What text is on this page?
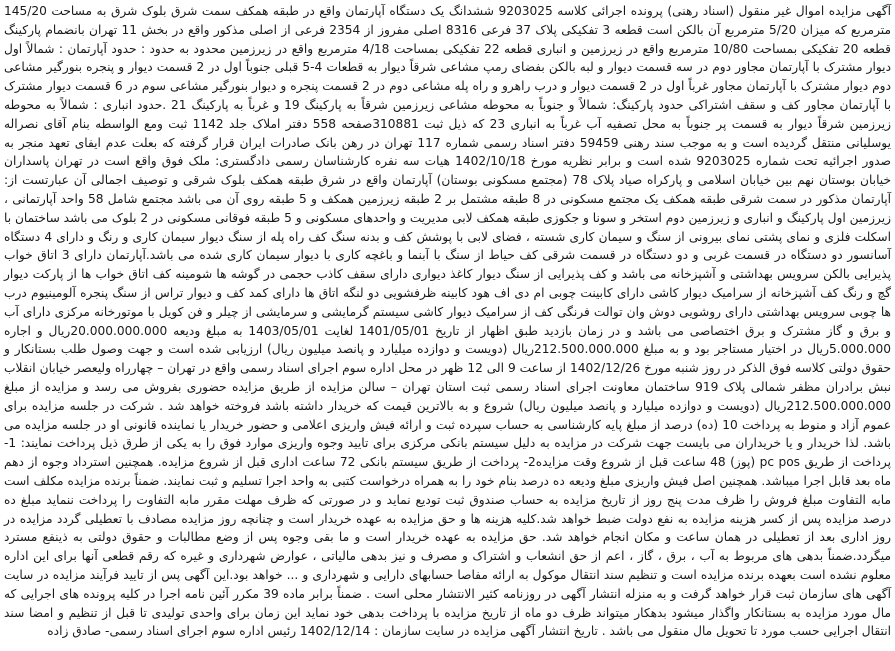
آگهی مزایده اموال غیر منقول (اسناد رهنی) پرونده اجرائی کلاسه 9203025 ششدانگ یک دستگاه آپارتمان واقع در طبقه همکف سمت شرق بلوک شرق به مساحت 145/20 مترمربع که میزان 5/20 مترمربع آن بالکن است قطعه 3 تفکیکی پلاک 37 فرعی 8316 اصلی مفروز از 2354 فرعی از اصلی مذکور واقع در بخش 11 تهران بانضمام پارکینگ قطعه 20 تفکیکی بمساحت 10/80 مترمربع واقع در زیرزمین و انباری قطعه 22 تفکیکی بمساحت 4/18 مترمربع واقع در زیرزمین محدود به حدود : حدود آپارتمان : شمالاً اول دیوار مشترک با آپارتمان مجاور دوم در سه قسمت دیوار و لبه بالکن بفضای رمپ مشاعی شرقاً دیوار به قطعات 4-5 قبلی جنوباً اول در 2 قسمت دیوار و پنجره بنورگیر مشاعی دوم دیوار مشترک با آپارتمان مجاور غرباً اول در 2 قسمت دیوار و درب راهرو و راه پله مشاعی دوم در 2 قسمت پنجره و دیوار بنورگیر مشاعی سوم در 6 قسمت دیوار مشترک با آپارتمان مجاور کف و سقف اشتراکی حدود پارکینگ: شمالاً و جنوباً به محوطه مشاعی زیرزمین شرقاً به پارکینگ 19 و غرباً به پارکینگ 21 .حدود انباری : شمالاً به محوطه زیرزمین شرقاً دیوار به قسمت پر جنوباً به محل تصفیه آب غرباً به انباری 23 که ذیل ثبت 310881صفحه 558 دفتر املاک جلد 1142 ثبت ومع الواسطه بنام آقای نصراله یوسلیانی منتقل گردیده است و به موجب سند رهنی 59459 دفتر اسناد رسمی شماره 117 تهران در رهن بانک صادرات ایران قرار گرفته که بعلت عدم ایفای تعهد منجر به صدور اجرائیه تحت شماره 9203025 شده است و برابر نظریه مورخ 1402/10/18 هیات سه نفره کارشناسان رسمی دادگستری: ملک فوق واقع است در تهران پاسداران خیابان بوستان نهم بین خیابان اسلامی و پارکراه صیاد پلاک 78 (مجتمع مسکونی بوستان) آپارتمان واقع در شرق طبقه همکف بلوک شرقی و توصیف اجمالی آن عبارتست از: آپارتمان مذکور در سمت شرقی طبقه همکف یک مجتمع مسکونی در 8 طبقه مشتمل بر 2 طبقه زیرزمین همکف و 5 طبقه روی آن می باشد مجتمع شامل 58 واحد آپارتمانی ، زیرزمین اول پارکینگ و انباری و زیرزمین دوم استخر و سونا و جکوزی طبقه همکف لابی مدیریت و واحدهای مسکونی و 5 طبقه فوقانی مسکونی در 2 بلوک می باشد ساختمان با اسکلت فلزی و نمای پشتی نمای بیرونی از سنگ و سیمان کاری شسته ، فضای لابی با پوشش کف و بدنه سنگ کف راه پله از سنگ دیوار سیمان کاری و رنگ و دارای 4 دستگاه آسانسور دو دستگاه در قسمت غربی و دو دستگاه در قسمت شرقی کف حیاط از سنگ با آبنما و باغچه کاری با دیوار سیمان کاری شده می باشد.آپارتمان دارای 3 اتاق خواب پذیرایی بالکن سرویس بهداشتی و آشپزخانه می باشد و کف پذیرایی از سنگ دیوار کاغذ دیواری دارای سقف کاذب حجمی در گوشه ها شومینه کف اتاق خواب ها از پارکت دیوار گچ و رنگ کف آشپزخانه از سرامیک دیوار کاشی دارای کابینت چوبی ام دی اف هود کابینه ظرفشویی دو لنگه اتاق ها دارای کمد کف و دیوار تراس از سنگ پنجره آلومینیوم درب ها چوبی سرویس بهداشتی دارای روشویی دوش وان توالت فرنگی کف از سرامیک دیوار کاشی سیستم گرمایشی و سرمایشی از چیلر و فن کویل با موتورخانه مرکزی دارای آب و برق و گاز مشترک و برق اختصاصی می باشد و در زمان بازدید طبق اظهار از تاریخ 1401/05/01 لغایت 1403/05/01 به مبلغ ودیعه 20.000.000.000ریال و اجاره 5.000.000ریال در اختیار مستاجر بود و به مبلغ 212.500.000.000ریال (دویست و دوازده میلیارد و پانصد میلیون ریال) ارزیابی شده است و جهت وصول طلب بستانکار و حقوق دولتی کلاسه فوق الذکر در روز شنبه مورخ 1402/12/26 از ساعت 9 الی 12 ظهر در محل اداره سوم اجرای اسناد رسمی واقع در تهران – چهارراه ولیعصر خیابان انقلاب نبش برادران مظفر شمالی پلاک 919 ساختمان معاونت اجرای اسناد رسمی ثبت استان تهران – سالن مزایده از طریق مزایده حضوری بفروش می رسد و مزایده از مبلغ 212.500.000.000ریال (دویست و دوازده میلیارد و پانصد میلیون ریال) شروع و به بالاترین قیمت که خریدار داشته باشد فروخته خواهد شد . شرکت در جلسه مزایده برای عموم آزاد و منوط به پرداخت 10 (ده) درصد از مبلغ پایه کارشناسی به حساب سپرده ثبت و ارائه فیش واریزی اعلامی و حضور خریدار یا نماینده قانونی او در جلسه مزایده می باشد. لذا خریدار و یا خریداران می بایست جهت شرکت در مزایده به دلیل سیستم بانکی مرکزی برای تایید وجوه واریزی موارد فوق را به یکی از طرق ذیل پرداخت نمایند: 1- پرداخت از طریق pc pos (پوز) 48 ساعت قبل از شروع وقت مزایده2- پرداخت از طریق سیستم بانکی 72 ساعت اداری قبل از شروع مزایده. همچنین استرداد وجوه از دهم ماه بعد قابل اجرا میباشد. همچنین اصل فیش واریزی مبلغ ودیعه ده درصد بنام خود را به همراه درخواست کتبی به واحد اجرا تسلیم و ثبت نمایند. ضمناً برنده مزایده مکلف است مابه التفاوت مبلغ فروش را ظرف مدت پنج روز از تاریخ مزایده به حساب صندوق ثبت تودیع نماید و در صورتی که ظرف مهلت مقرر مابه التفاوت را پرداخت ننماید مبلغ ده درصد مزایده پس از کسر هزینه مزایده به نفع دولت ضبط خواهد شد.کلیه هزینه ها و حق مزایده به عهده خریدار است و چنانچه روز مزایده مصادف با تعطیلی گردد مزایده در روز اداری بعد از تعطیلی در همان ساعت و مکان انجام خواهد شد. حق مزایده به عهده خریدار است و ما بقی وجوه پس از وضع مطالبات و حقوق دولتی به ذینفع مسترد میگردد.ضمناً بدهی های مربوط به آب ، برق ، گاز ، اعم از حق انشعاب و اشتراک و مصرف و نیز بدهی مالیاتی ، عوارض شهرداری و غیره که رقم قطعی آنها برای این اداره معلوم نشده است بعهده برنده مزایده است و تنظیم سند انتقال موکول به ارائه مفاصا حسابهای دارایی و شهرداری و ... خواهد بود.این آگهی پس از تایید فرآیند مزایده در سایت آگهی های سازمان ثبت قرار خواهد گرفت و به منزله انتشار آگهی در روزنامه کثیر الانتشار محلی است . ضمناً برابر ماده 39 مکرر آئین نامه اجرا در کلیه پرونده های اجرایی که مال مورد مزایده به بستانکار واگذار میشود بدهکار میتواند ظرف دو ماه از تاریخ مزایده با پرداخت بدهی خود نماید این زمان برای واحدی تولیدی تا قبل از تنظیم و امضا سند انتقال اجرایی حسب مورد تا تحویل مال منقول می باشد . تاریخ انتشار آگهی مزایده در سایت سازمان : 1402/12/14 رئیس اداره سوم اجرای اسناد رسمی- صادق زاده
